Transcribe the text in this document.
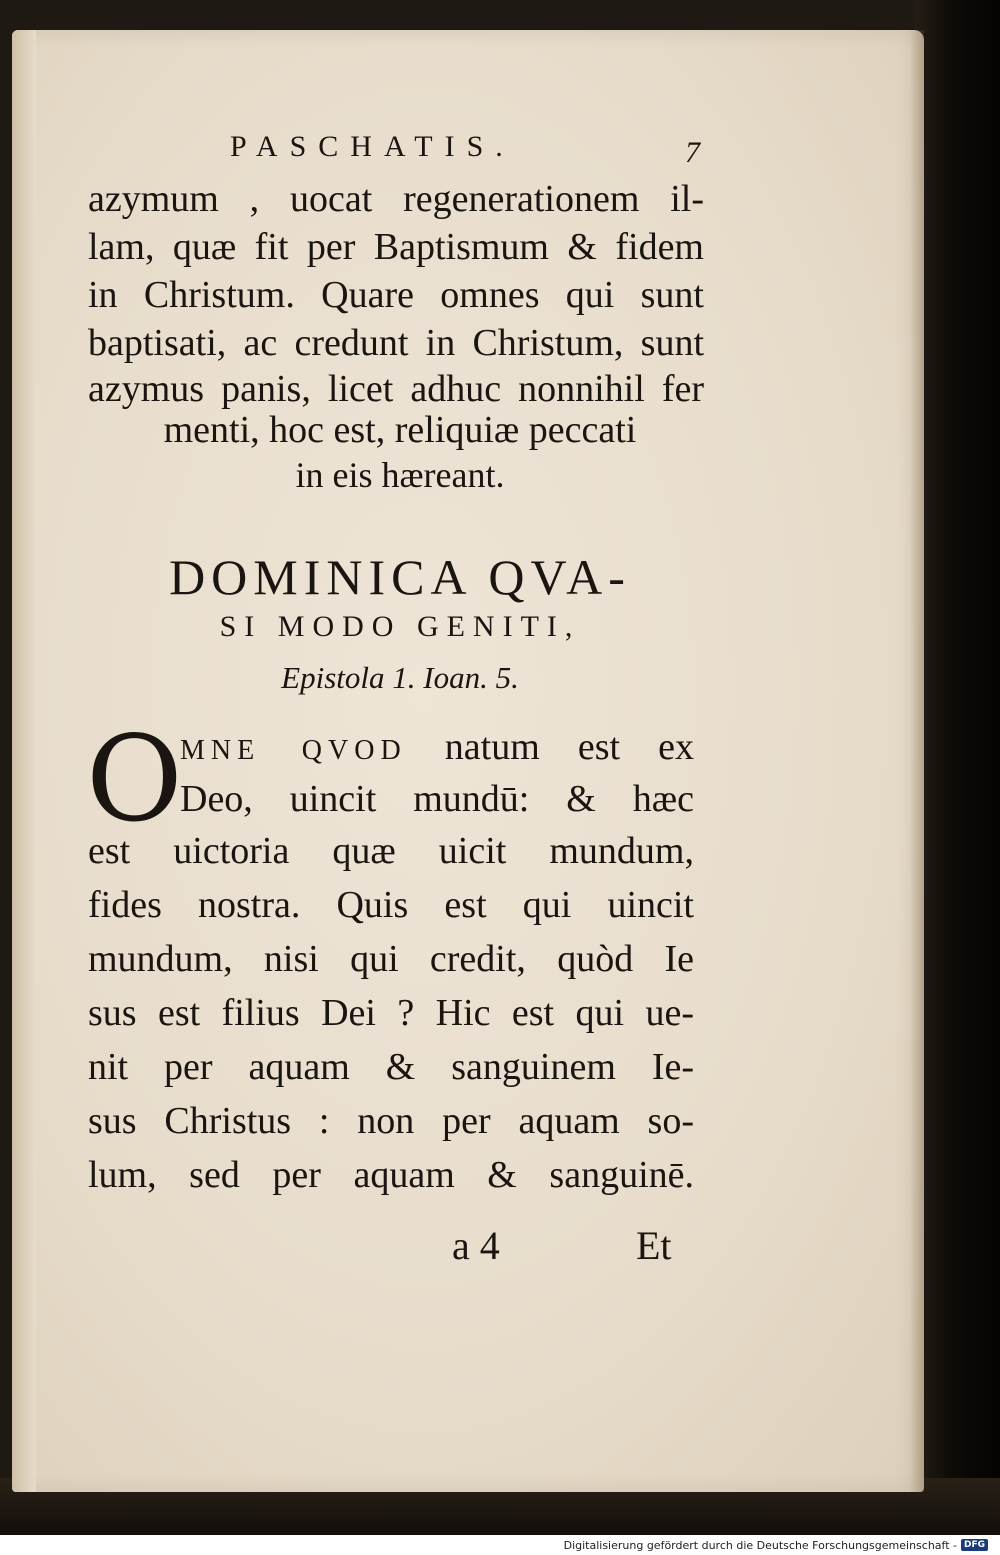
PASCHATIS.	7
azymum , uocat regenerationem il-
lam, quæ fit per Baptismum & fidem
in Christum. Quare omnes qui sunt
baptisati, ac credunt in Christum, sunt
azymus panis, licet adhuc nonnihil fer
menti, hoc est, reliquiæ peccati
in eis hæreant.
DOMINICA QVA-
SI MODO GENITI,
Epistola 1. Ioan. 5.
O
MNE QVOD natum est ex
Deo, uincit mundū: & hæc
est uictoria quæ uicit mundum,
fides nostra. Quis est qui uincit
mundum, nisi qui credit, quòd Ie
sus est filius Dei ? Hic est qui ue-
nit per aquam & sanguinem Ie-
sus Christus : non per aquam so-
lum, sed per aquam & sanguinē.
a 4	Et
Digitalisierung gefördert durch die Deutsche Forschungsgemeinschaft - DFG
